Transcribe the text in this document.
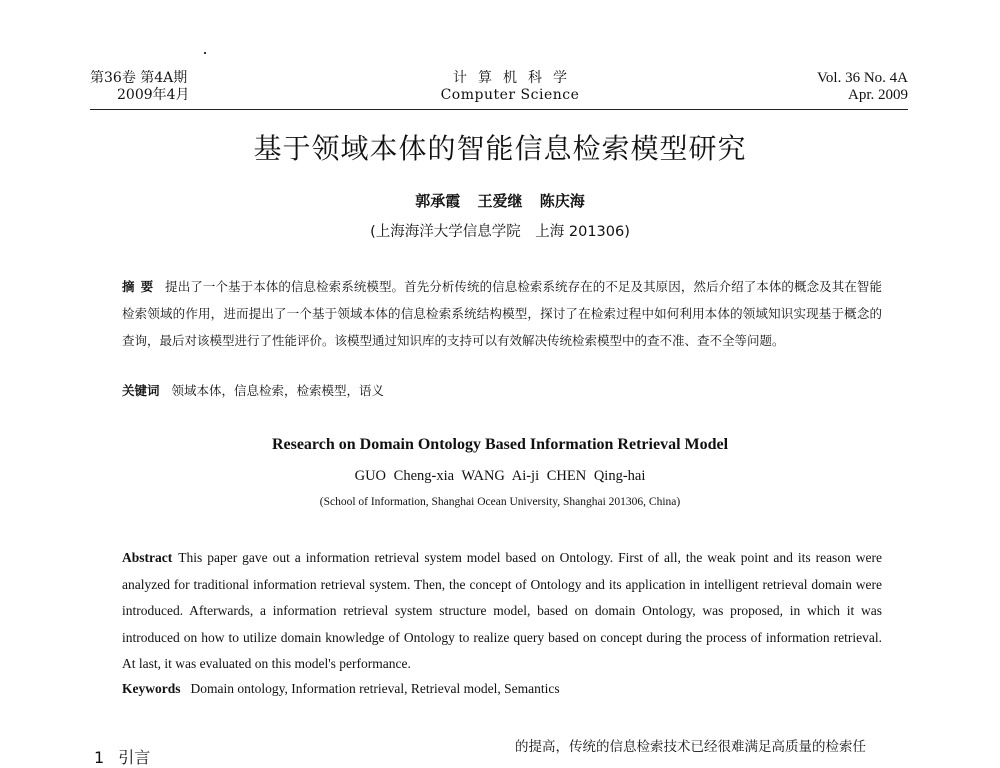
第36卷 第4A期
2009年4月
计算机科学
Computer Science
Vol. 36 No. 4A
Apr. 2009
基于领域本体的智能信息检索模型研究
郭承霞 王爱继 陈庆海
(上海海洋大学信息学院　上海 201306)
摘要 提出了一个基于本体的信息检索系统模型。首先分析传统的信息检索系统存在的不足及其原因，然后介绍了本体的概念及其在智能检索领域的作用，进而提出了一个基于领域本体的信息检索系统结构模型，探讨了在检索过程中如何利用本体的领域知识实现基于概念的查询，最后对该模型进行了性能评价。该模型通过知识库的支持可以有效解决传统检索模型中的查不准、查不全等问题。
关键词 领域本体，信息检索，检索模型，语义
Research on Domain Ontology Based Information Retrieval Model
GUO Cheng-xia WANG Ai-ji CHEN Qing-hai
(School of Information, Shanghai Ocean University, Shanghai 201306, China)
Abstract This paper gave out a information retrieval system model based on Ontology. First of all, the weak point and its reason were analyzed for traditional information retrieval system. Then, the concept of Ontology and its application in intelligent retrieval domain were introduced. Afterwards, a information retrieval system structure model, based on domain Ontology, was proposed, in which it was introduced on how to utilize domain knowledge of Ontology to realize query based on concept during the process of information retrieval. At last, it was evaluated on this model's performance.
Keywords Domain ontology, Information retrieval, Retrieval model, Semantics
1 引言
的提高，传统的信息检索技术已经很难满足高质量的检索任
